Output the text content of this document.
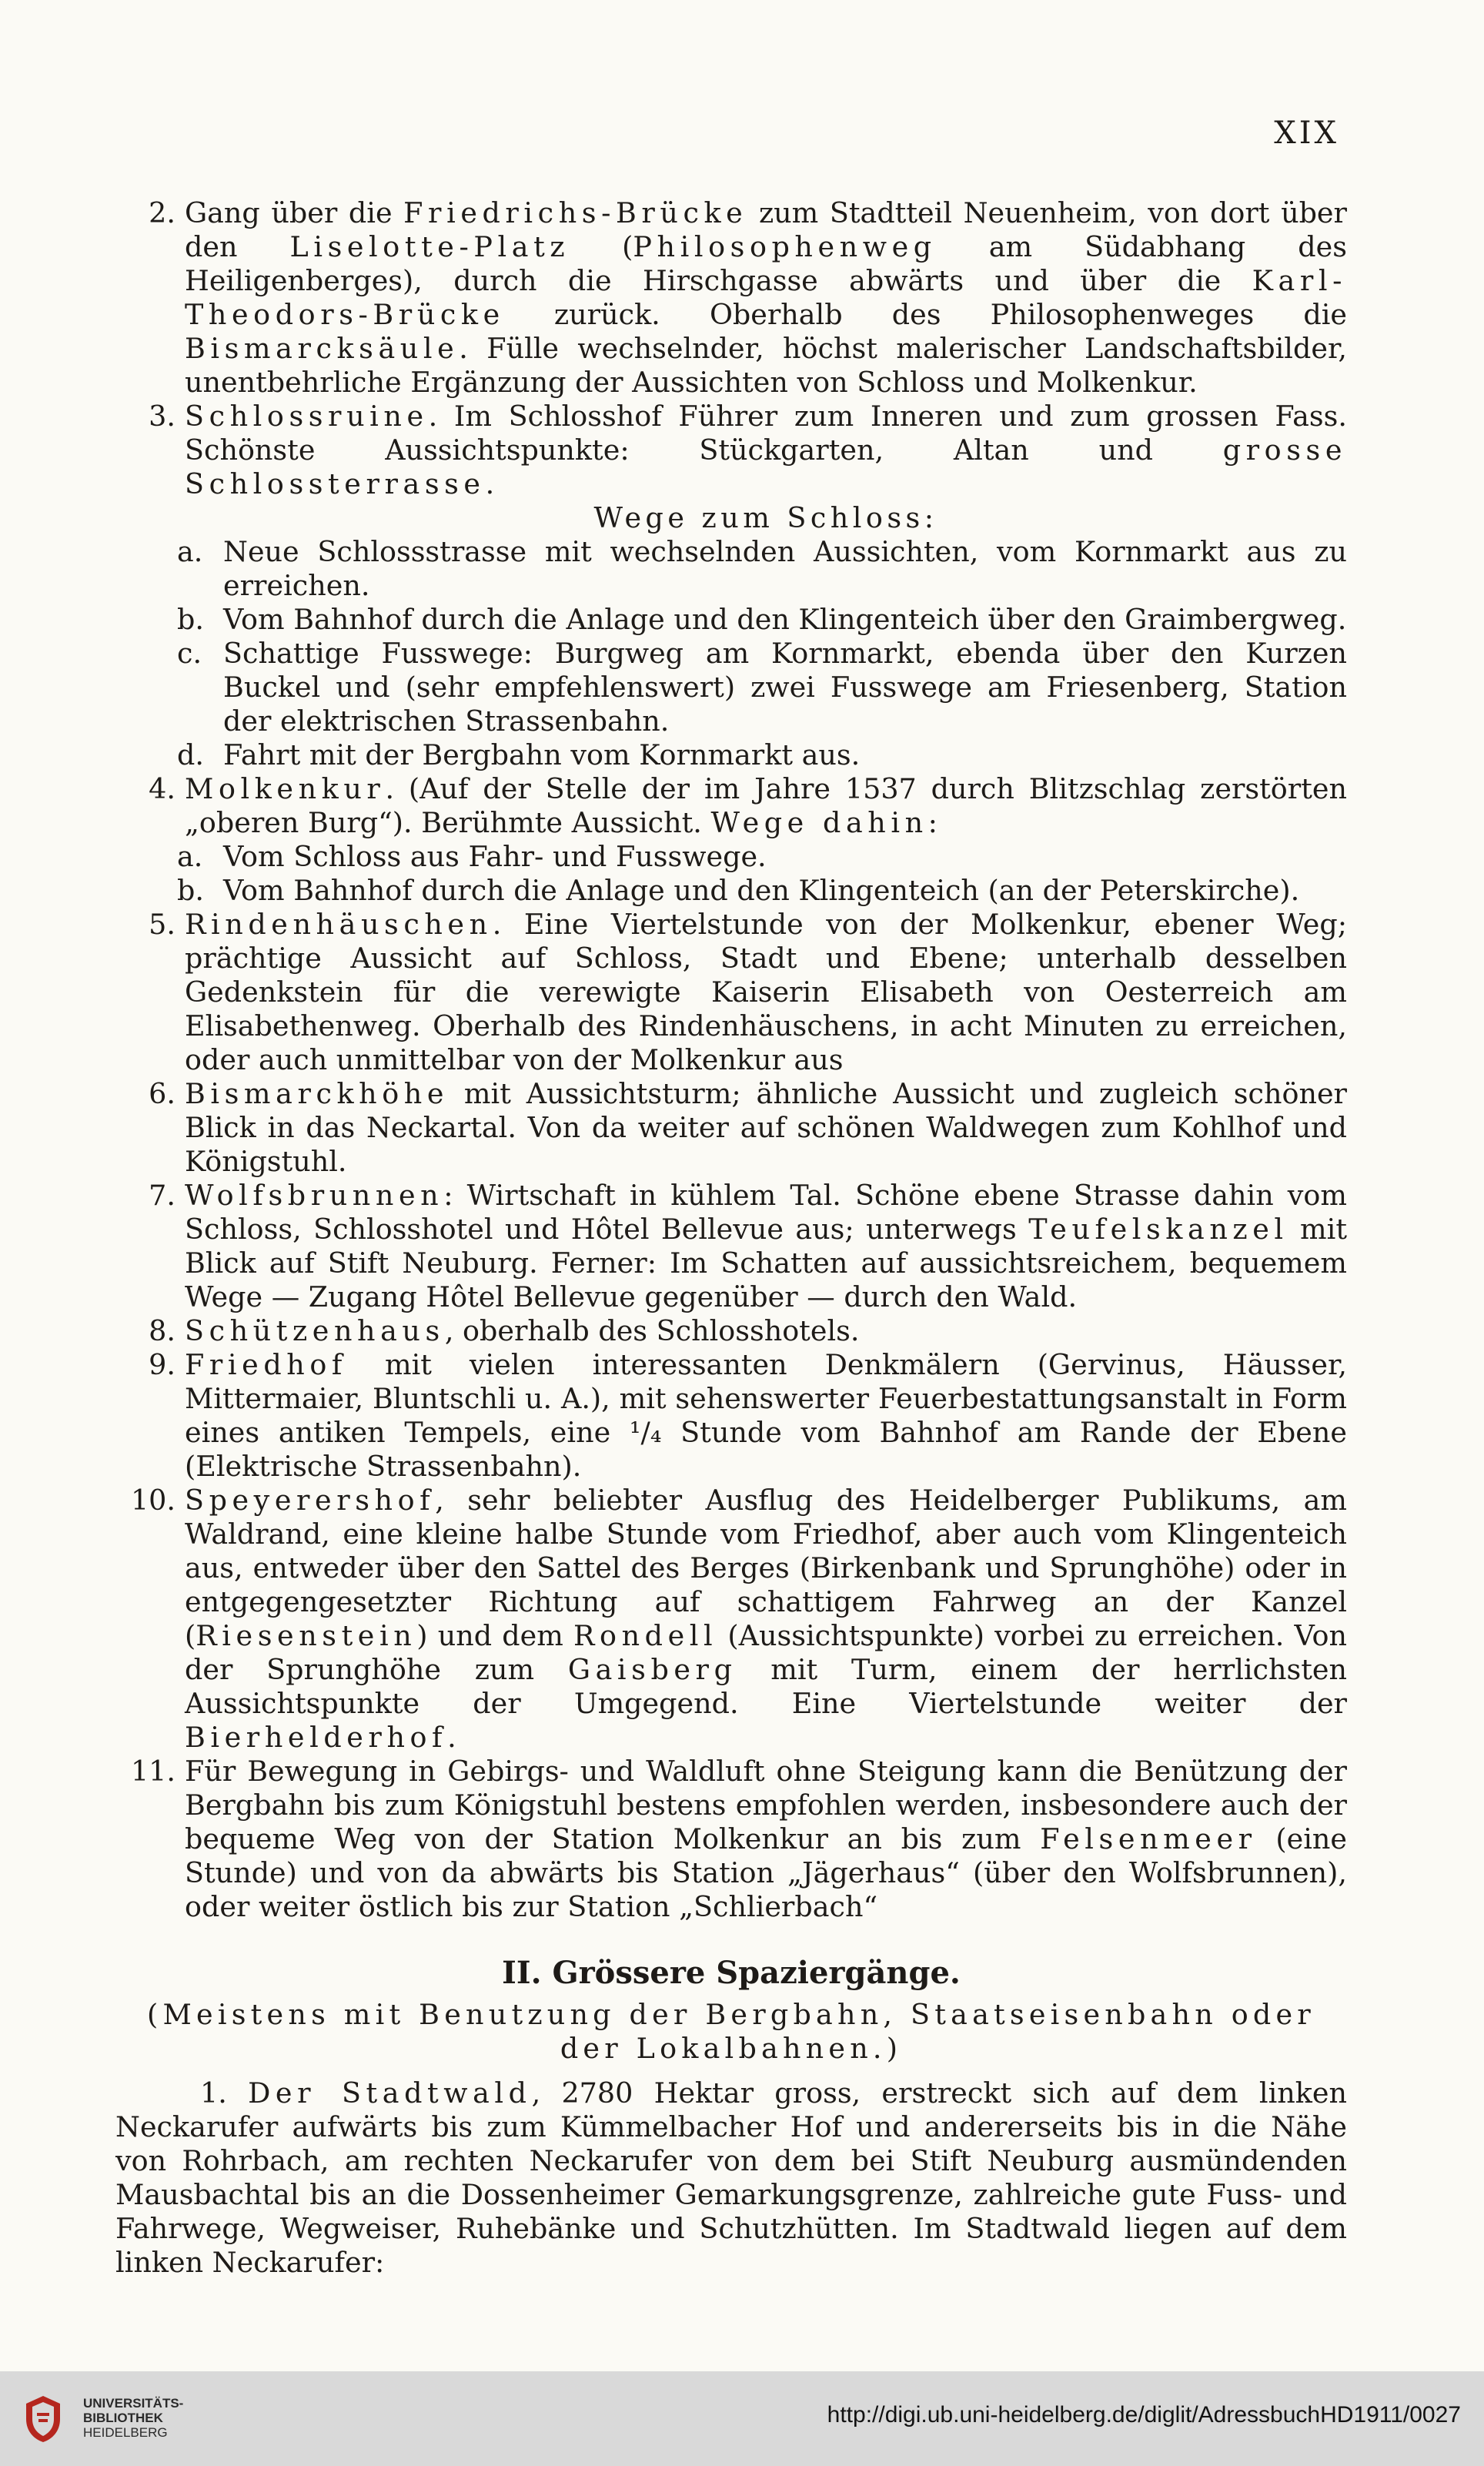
XIX
2. Gang über die Friedrichs-Brücke zum Stadtteil Neuenheim, von dort über den Liselotte-Platz (Philosophenweg am Südabhang des Heiligenberges), durch die Hirschgasse abwärts und über die Karl-Theodors-Brücke zurück. Oberhalb des Philosophenweges die Bismarcksäule. Fülle wechselnder, höchst malerischer Landschaftsbilder, unentbehrliche Ergänzung der Aussichten von Schloss und Molkenkur.
3. Schlossruine. Im Schlosshof Führer zum Inneren und zum grossen Fass. Schönste Aussichtspunkte: Stückgarten, Altan und grosse Schlossterrasse.
Wege zum Schloss:
a. Neue Schlossstrasse mit wechselnden Aussichten, vom Kornmarkt aus zu erreichen.
b. Vom Bahnhof durch die Anlage und den Klingenteich über den Graimbergweg.
c. Schattige Fusswege: Burgweg am Kornmarkt, ebenda über den Kurzen Buckel und (sehr empfehlenswert) zwei Fusswege am Friesenberg, Station der elektrischen Strassenbahn.
d. Fahrt mit der Bergbahn vom Kornmarkt aus.
4. Molkenkur. (Auf der Stelle der im Jahre 1537 durch Blitzschlag zerstörten „oberen Burg“). Berühmte Aussicht. Wege dahin:
a. Vom Schloss aus Fahr- und Fusswege.
b. Vom Bahnhof durch die Anlage und den Klingenteich (an der Peterskirche).
5. Rindenhäuschen. Eine Viertelstunde von der Molkenkur, ebener Weg; prächtige Aussicht auf Schloss, Stadt und Ebene; unterhalb desselben Gedenkstein für die verewigte Kaiserin Elisabeth von Oesterreich am Elisabethenweg. Oberhalb des Rindenhäuschens, in acht Minuten zu erreichen, oder auch unmittelbar von der Molkenkur aus
6. Bismarckhöhe mit Aussichtsturm; ähnliche Aussicht und zugleich schöner Blick in das Neckartal. Von da weiter auf schönen Waldwegen zum Kohlhof und Königstuhl.
7. Wolfsbrunnen: Wirtschaft in kühlem Tal. Schöne ebene Strasse dahin vom Schloss, Schlosshotel und Hôtel Bellevue aus; unterwegs Teufelskanzel mit Blick auf Stift Neuburg. Ferner: Im Schatten auf aussichtsreichem, bequemem Wege — Zugang Hôtel Bellevue gegenüber — durch den Wald.
8. Schützenhaus, oberhalb des Schlosshotels.
9. Friedhof mit vielen interessanten Denkmälern (Gervinus, Häusser, Mittermaier, Bluntschli u. A.), mit sehenswerter Feuerbestattungsanstalt in Form eines antiken Tempels, eine ¹/₄ Stunde vom Bahnhof am Rande der Ebene (Elektrische Strassenbahn).
10. Speyerershof, sehr beliebter Ausflug des Heidelberger Publikums, am Waldrand, eine kleine halbe Stunde vom Friedhof, aber auch vom Klingenteich aus, entweder über den Sattel des Berges (Birkenbank und Sprunghöhe) oder in entgegengesetzter Richtung auf schattigem Fahrweg an der Kanzel (Riesenstein) und dem Rondell (Aussichtspunkte) vorbei zu erreichen. Von der Sprunghöhe zum Gaisberg mit Turm, einem der herrlichsten Aussichtspunkte der Umgegend. Eine Viertelstunde weiter der Bierhelderhof.
11. Für Bewegung in Gebirgs- und Waldluft ohne Steigung kann die Benützung der Bergbahn bis zum Königstuhl bestens empfohlen werden, insbesondere auch der bequeme Weg von der Station Molkenkur an bis zum Felsenmeer (eine Stunde) und von da abwärts bis Station „Jägerhaus“ (über den Wolfsbrunnen), oder weiter östlich bis zur Station „Schlierbach“
II. Grössere Spaziergänge.
(Meistens mit Benutzung der Bergbahn, Staatseisenbahn oder der Lokalbahnen.)
1. Der Stadtwald, 2780 Hektar gross, erstreckt sich auf dem linken Neckarufer aufwärts bis zum Kümmelbacher Hof und andererseits bis in die Nähe von Rohrbach, am rechten Neckarufer von dem bei Stift Neuburg ausmündenden Mausbachtal bis an die Dossenheimer Gemarkungsgrenze, zahlreiche gute Fuss- und Fahrwege, Wegweiser, Ruhebänke und Schutzhütten. Im Stadtwald liegen auf dem linken Neckarufer:
UNIVERSITÄTS-
BIBLIOTHEK
HEIDELBERG
http://digi.ub.uni-heidelberg.de/diglit/AdressbuchHD1911/0027
